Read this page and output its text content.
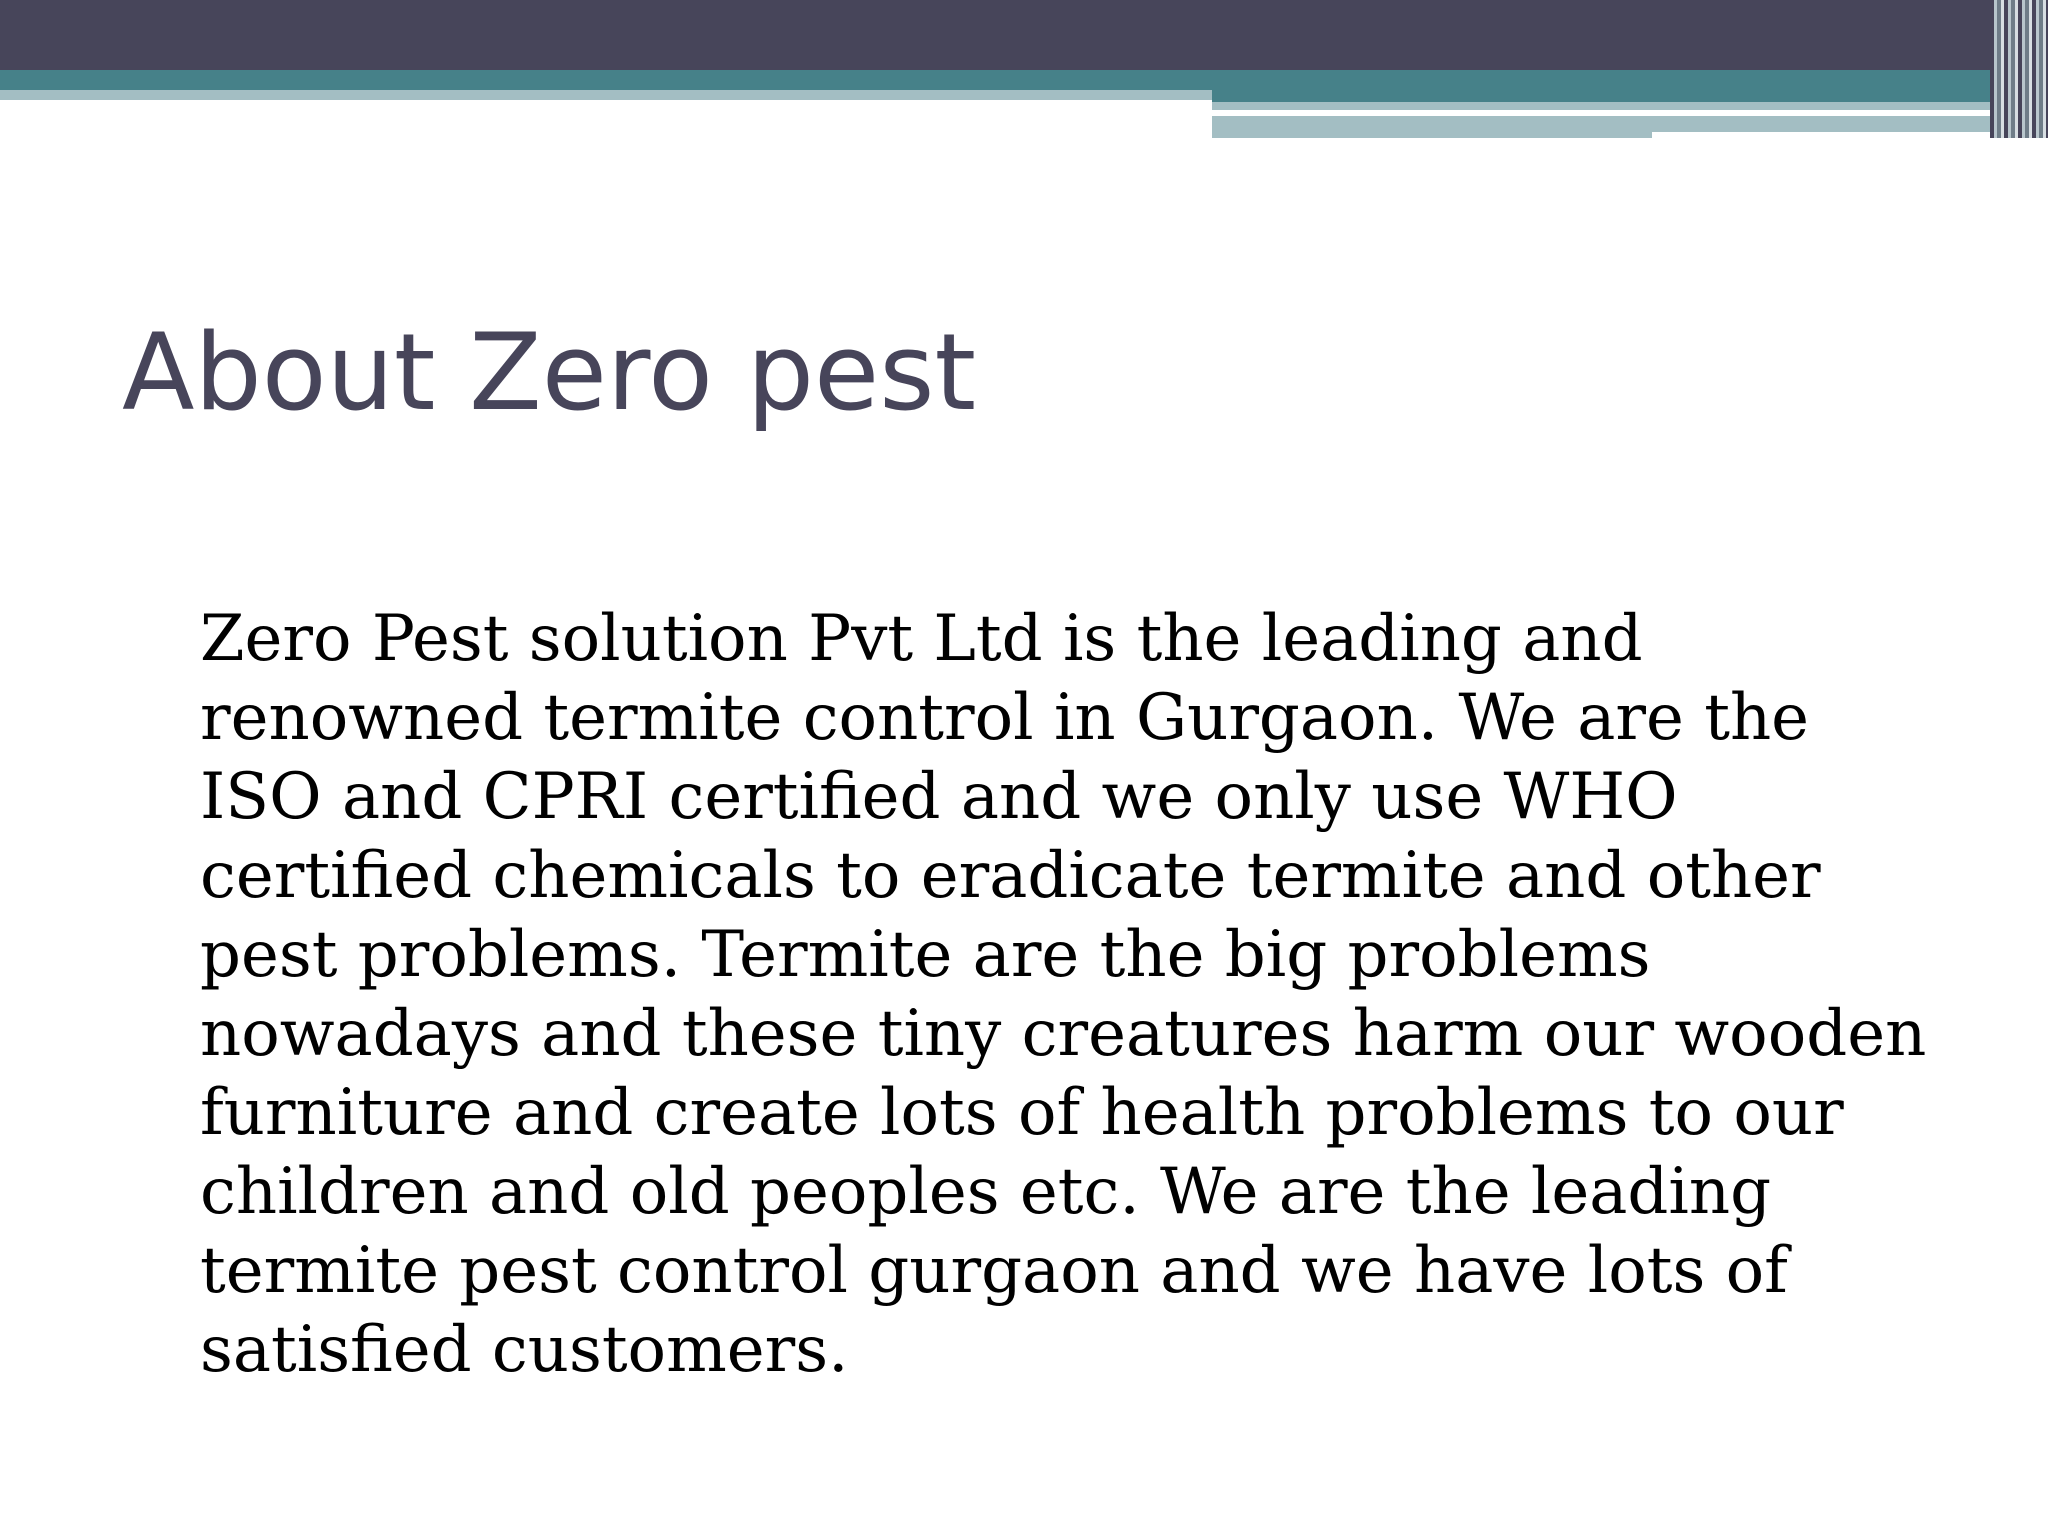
About Zero pest
Zero Pest solution Pvt Ltd is the leading and
renowned termite control in Gurgaon. We are the
ISO and CPRI certified and we only use WHO
certified chemicals to eradicate termite and other
pest problems. Termite are the big problems
nowadays and these tiny creatures harm our wooden
furniture and create lots of health problems to our
children and old peoples etc. We are the leading
termite pest control gurgaon and we have lots of
satisfied customers.
